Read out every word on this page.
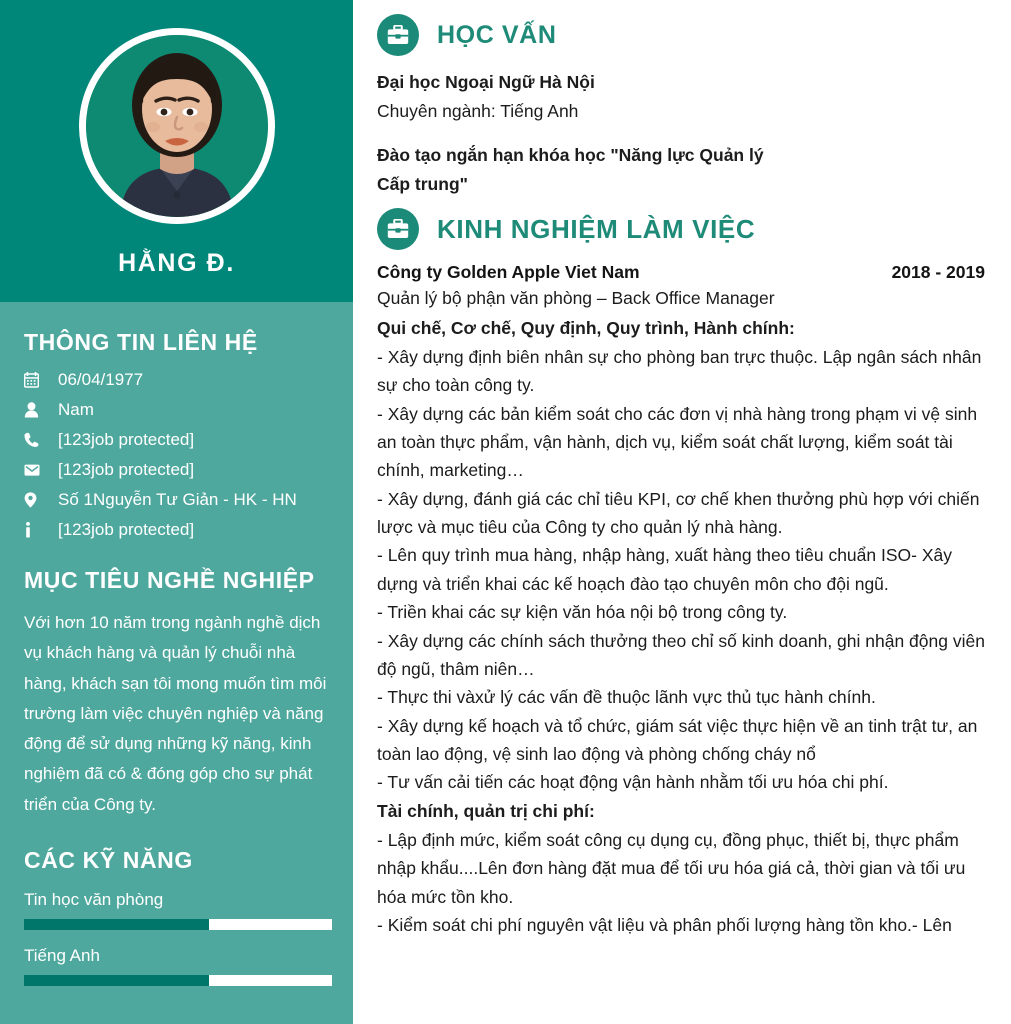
HẰNG Đ.
THÔNG TIN LIÊN HỆ
06/04/1977
Nam
[123job protected]
[123job protected]
Số 1Nguyễn Tư Giản - HK - HN
[123job protected]
MỤC TIÊU NGHỀ NGHIỆP

Với hơn 10 năm trong ngành nghề dịch vụ khách hàng và quản lý chuỗi nhà hàng, khách sạn tôi mong muốn tìm môi trường làm việc chuyên nghiệp và năng động để sử dụng những kỹ năng, kinh nghiệm đã có & đóng góp cho sự phát triển của Công ty.

CÁC KỸ NĂNG
Tin học văn phòng
Tiếng Anh
HỌC VẤN

Đại học Ngoại Ngữ Hà Nội

Chuyên ngành: Tiếng Anh

Đào tạo ngắn hạn khóa học "Năng lực Quản lý

Cấp trung"

KINH NGHIỆM LÀM VIỆC
Công ty Golden Apple Viet Nam	2018 - 2019

Quản lý bộ phận văn phòng – Back Office Manager

Qui chế, Cơ chế, Quy định, Quy trình, Hành chính:

- Xây dựng định biên nhân sự cho phòng ban trực thuộc. Lập ngân sách nhân sự cho toàn công ty.

- Xây dựng các bản kiểm soát cho các đơn vị nhà hàng trong phạm vi vệ sinh an toàn thực phẩm, vận hành, dịch vụ, kiểm soát chất lượng, kiểm soát tài chính, marketing…

- Xây dựng, đánh giá các chỉ tiêu KPI, cơ chế khen thưởng phù hợp với chiến lược và mục tiêu của Công ty cho quản lý nhà hàng.

- Lên quy trình mua hàng, nhập hàng, xuất hàng theo tiêu chuẩn ISO- Xây dựng và triển khai các kế hoạch đào tạo chuyên môn cho đội ngũ.

- Triền khai các sự kiện văn hóa nội bộ trong công ty.

- Xây dựng các chính sách thưởng theo chỉ số kinh doanh, ghi nhận động viên độ ngũ, thâm niên…

- Thực thi vàxử lý các vấn đề thuộc lãnh vực thủ tục hành chính.

- Xây dựng kế hoạch và tổ chức, giám sát việc thực hiện về an tinh trật tư, an toàn lao động, vệ sinh lao động và phòng chống cháy nổ

- Tư vấn cải tiến các hoạt động vận hành nhằm tối ưu hóa chi phí.

Tài chính, quản trị chi phí:

- Lập định mức, kiểm soát công cụ dụng cụ, đồng phục, thiết bị, thực phẩm nhập khẩu....Lên đơn hàng đặt mua để tối ưu hóa giá cả, thời gian và tối ưu hóa mức tồn kho.

- Kiểm soát chi phí nguyên vật liệu và phân phối lượng hàng tồn kho.- Lên
